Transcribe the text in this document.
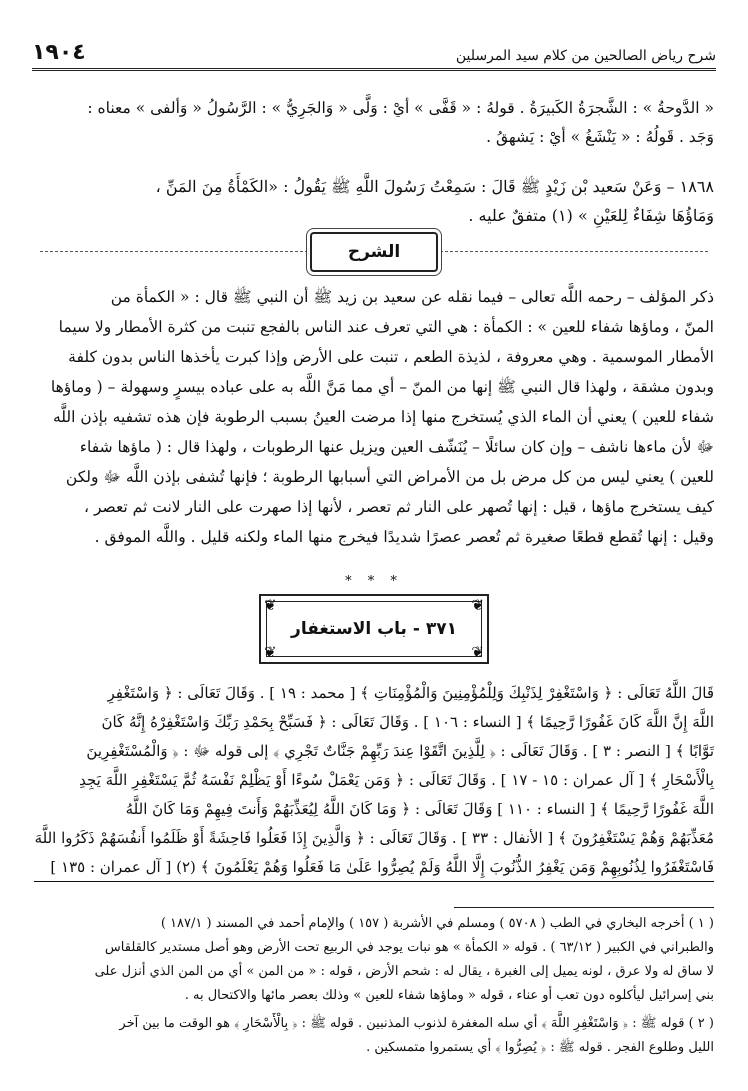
شرح رياض الصالحين من كلام سيد المرسلين
١٩٠٤
« الدَّوحةُ » : الشَّجرَةُ الكَبيرَةُ . قولهُ : « قَفَّى » أيْ : وَلَّى « وَالجَرِيُّ » : الرَّسُولُ « وَألفى » معناه :
وَجَد . قَولُهُ : « يَنْشَغُ » أيْ : يَشهقُ .
١٨٦٨ – وَعَنْ سَعيد بْن زَيْدٍ ﷺ قَالَ : سَمِعْتُ رَسُولَ اللَّهِ ﷺ يَقُولُ : «الكَمْأَةُ مِنَ المَنِّ ،
وَمَاؤُهَا شِفَاءٌ لِلعَيْنِ » (١) متفقٌ عليه .
الشرح
ذكر المؤلف – رحمه اللَّه تعالى – فيما نقله عن سعيد بن زيد ﷺ أن النبي ﷺ قال : « الكمأة من
المنّ ، وماؤها شفاء للعين » : الكمأة : هي التي تعرف عند الناس بالفجع تنبت من كثرة الأمطار ولا سيما
الأمطار الموسمية . وهي معروفة ، لذيذة الطعم ، تنبت على الأرض وإذا كبرت يأخذها الناس بدون كلفة
وبدون مشقة ، ولهذا قال النبي ﷺ إنها من المنّ – أي مما مَنَّ اللَّه به على عباده بيسرٍ وسهولة – ( وماؤها
شفاء للعين ) يعني أن الماء الذي يُستخرج منها إذا مرضت العينُ بسبب الرطوبة فإن هذه تشفيه بإذن اللَّه
ﷻ لأن ماءها ناشف – وإن كان سائلًا – يُنَشّف العين ويزيل عنها الرطوبات ، ولهذا قال : ( ماؤها شفاء
للعين ) يعني ليس من كل مرض بل من الأمراض التي أسبابها الرطوبة ؛ فإنها تُشفى بإذن اللَّه ﷻ ولكن
كيف يستخرج ماؤها ، قيل : إنها تُصهر على النار ثم تعصر ، لأنها إذا صهرت على النار لانت ثم تعصر ،
وقيل : إنها تُقطع قطعًا صغيرة ثم تُعصر عصرًا شديدًا فيخرج منها الماء ولكنه قليل . واللَّه الموفق .
* * *
٣٧١ - باب الاستغفار
❦	❦
❦	❦
قَالَ اللَّهُ تَعَالَى : ﴿ وَاسْتَغْفِرْ لِذَنْبِكَ وَلِلْمُؤْمِنِينَ وَالْمُؤْمِنَاتِ ﴾ [ محمد : ١٩ ] . وَقَالَ تَعَالَى : ﴿ وَاسْتَغْفِرِ
اللَّهَ إِنَّ اللَّهَ كَانَ غَفُورًا رَّحِيمًا ﴾ [ النساء : ١٠٦ ] . وَقَالَ تَعَالَى : ﴿ فَسَبِّحْ بِحَمْدِ رَبِّكَ وَاسْتَغْفِرْهُ إِنَّهُ كَانَ
تَوَّابًا ﴾ [ النصر : ٣ ] . وَقَالَ تَعَالَى : ﴿ لِلَّذِينَ اتَّقَوْا عِندَ رَبِّهِمْ جَنَّاتٌ تَجْرِي ﴾ إلى قوله ﷻ : ﴿ وَالْمُسْتَغْفِرِينَ
بِالْأَسْحَارِ ﴾ [ آل عمران : ١٥ - ١٧ ] . وَقَالَ تَعَالَى : ﴿ وَمَن يَعْمَلْ سُوءًا أَوْ يَظْلِمْ نَفْسَهُ ثُمَّ يَسْتَغْفِرِ اللَّهَ يَجِدِ
اللَّهَ غَفُورًا رَّحِيمًا ﴾ [ النساء : ١١٠ ] وَقَالَ تَعَالَى : ﴿ وَمَا كَانَ اللَّهُ لِيُعَذِّبَهُمْ وَأَنتَ فِيهِمْ وَمَا كَانَ اللَّهُ
مُعَذِّبَهُمْ وَهُمْ يَسْتَغْفِرُونَ ﴾ [ الأنفال : ٣٣ ] . وَقَالَ تَعَالَى : ﴿ وَالَّذِينَ إِذَا فَعَلُوا فَاحِشَةً أَوْ ظَلَمُوا أَنفُسَهُمْ ذَكَرُوا اللَّهَ
فَاسْتَغْفَرُوا لِذُنُوبِهِمْ وَمَن يَغْفِرُ الذُّنُوبَ إِلَّا اللَّهُ وَلَمْ يُصِرُّوا عَلَىٰ مَا فَعَلُوا وَهُمْ يَعْلَمُونَ ﴾ (٢) [ آل عمران : ١٣٥ ]
( ١ ) أخرجه البخاري في الطب ( ٥٧٠٨ ) ومسلم في الأشربة ( ١٥٧ ) والإمام أحمد في المسند ( ١٨٧/١ )
والطبراني في الكبير ( ٦٣/١٢ ) . قوله « الكمأة » هو نبات يوجد في الربيع تحت الأرض وهو أصل مستدير كالقلقاس
لا ساق له ولا عرق ، لونه يميل إلى الغبرة ، يقال له : شحم الأرض ، قوله : « من المن » أي من المن الذي أنزل على
بني إسرائيل ليأكلوه دون تعب أو عناء ، قوله « وماؤها شفاء للعين » وذلك بعصر مائها والاكتحال به .
( ٢ ) قوله ﷺ : ﴿ وَاسْتَغْفِرِ اللَّهَ ﴾ أي سله المغفرة لذنوب المذنبين . قوله ﷺ : ﴿ بِالْأَسْحَارِ ﴾ هو الوقت ما بين آخر
الليل وطلوع الفجر . قوله ﷺ : ﴿ يُصِرُّوا ﴾ أي يستمروا متمسكين .
